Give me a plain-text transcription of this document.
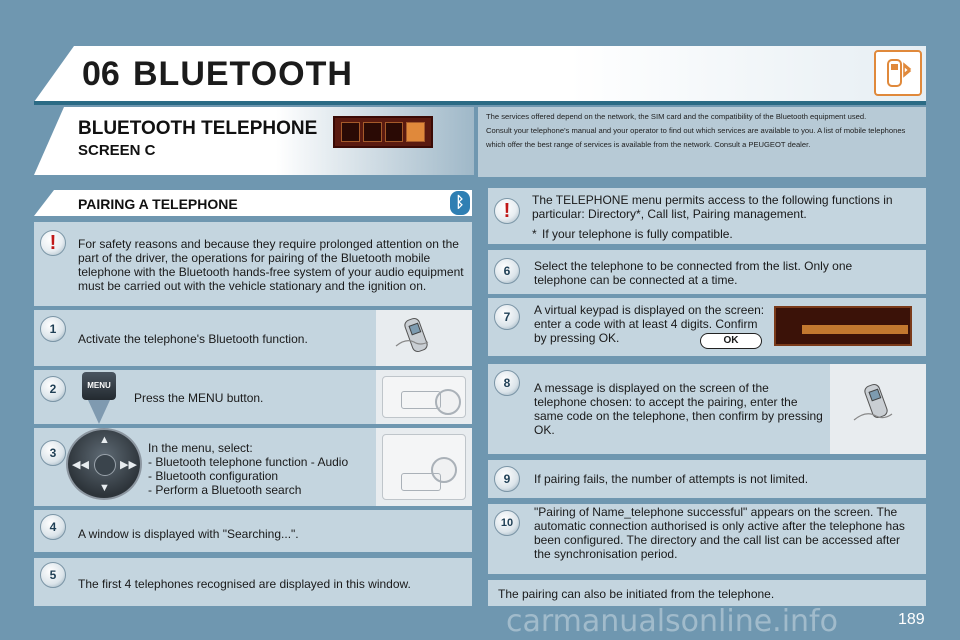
06 BLUETOOTH
BLUETOOTH TELEPHONE
SCREEN C
The services offered depend on the network, the SIM card and the compatibility of the Bluetooth equipment used.
Consult your telephone's manual and your operator to find out which services are available to you. A list of mobile telephones which offer the best range of services is available from the network. Consult a PEUGEOT dealer.
PAIRING A TELEPHONE	ᛒ
!	For safety reasons and because they require prolonged attention on the part of the driver, the operations for pairing of the Bluetooth mobile telephone with the Bluetooth hands-free system of your audio equipment must be carried out with the vehicle stationary and the ignition on.
1
Activate the telephone's Bluetooth function.
2	MENU
Press the MENU button.
3
▲
▼
◀◀	▶▶
In the menu, select:
- Bluetooth telephone function - Audio
- Bluetooth configuration
- Perform a Bluetooth search
4	A window is displayed with "Searching...".
5
The first 4 telephones recognised are displayed in this window.
!	The TELEPHONE menu permits access to the following functions in particular: Directory*, Call list, Pairing management.
* If your telephone is fully compatible.
6	Select the telephone to be connected from the list. Only one telephone can be connected at a time.
7	A virtual keypad is displayed on the screen: enter a code with at least 4 digits. Confirm by pressing OK.	OK
8	A message is displayed on the screen of the telephone chosen: to accept the pairing, enter the same code on the telephone, then confirm by pressing OK.
9	If pairing fails, the number of attempts is not limited.
10
"Pairing of Name_telephone successful" appears on the screen. The automatic connection authorised is only active after the telephone has been configured. The directory and the call list can be accessed after the synchronisation period.
The pairing can also be initiated from the telephone.
carmanualsonline.info	189
